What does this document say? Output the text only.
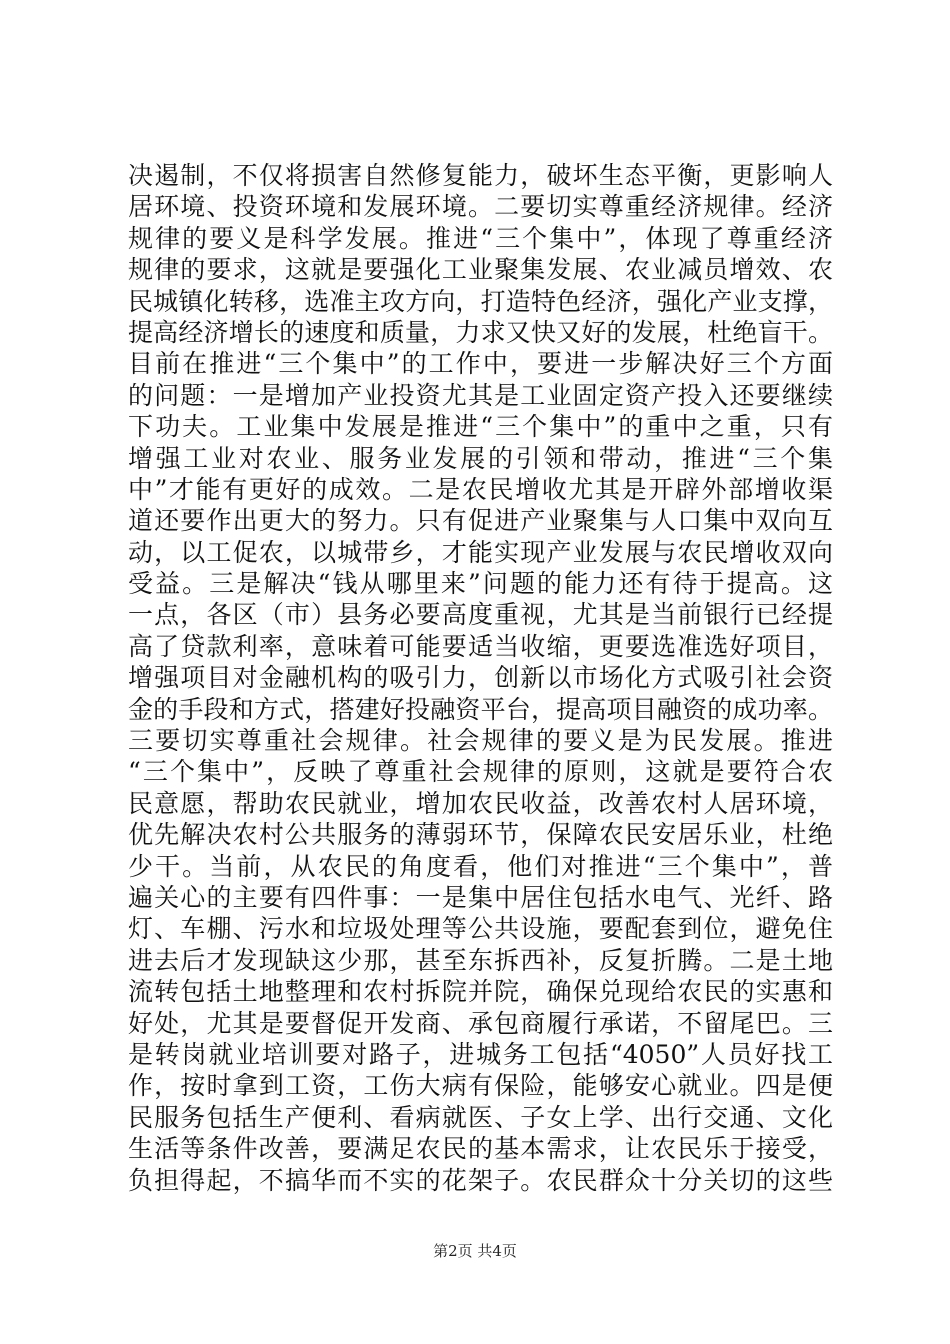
决遏制，不仅将损害自然修复能力，破坏生态平衡，更影响人
居环境、投资环境和发展环境。二要切实尊重经济规律。经济
规律的要义是科学发展。推进“三个集中”，体现了尊重经济
规律的要求，这就是要强化工业聚集发展、农业减员增效、农
民城镇化转移，选准主攻方向，打造特色经济，强化产业支撑，
提高经济增长的速度和质量，力求又快又好的发展，杜绝盲干。
目前在推进“三个集中”的工作中，要进一步解决好三个方面
的问题：一是增加产业投资尤其是工业固定资产投入还要继续
下功夫。工业集中发展是推进“三个集中”的重中之重，只有
增强工业对农业、服务业发展的引领和带动，推进“三个集
中”才能有更好的成效。二是农民增收尤其是开辟外部增收渠
道还要作出更大的努力。只有促进产业聚集与人口集中双向互
动，以工促农，以城带乡，才能实现产业发展与农民增收双向
受益。三是解决“钱从哪里来”问题的能力还有待于提高。这
一点，各区（市）县务必要高度重视，尤其是当前银行已经提
高了贷款利率，意味着可能要适当收缩，更要选准选好项目，
增强项目对金融机构的吸引力，创新以市场化方式吸引社会资
金的手段和方式，搭建好投融资平台，提高项目融资的成功率。
三要切实尊重社会规律。社会规律的要义是为民发展。推进
“三个集中”，反映了尊重社会规律的原则，这就是要符合农
民意愿，帮助农民就业，增加农民收益，改善农村人居环境，
优先解决农村公共服务的薄弱环节，保障农民安居乐业，杜绝
少干。当前，从农民的角度看，他们对推进“三个集中”，普
遍关心的主要有四件事：一是集中居住包括水电气、光纤、路
灯、车棚、污水和垃圾处理等公共设施，要配套到位，避免住
进去后才发现缺这少那，甚至东拆西补，反复折腾。二是土地
流转包括土地整理和农村拆院并院，确保兑现给农民的实惠和
好处，尤其是要督促开发商、承包商履行承诺，不留尾巴。三
是转岗就业培训要对路子，进城务工包括“4050”人员好找工
作，按时拿到工资，工伤大病有保险，能够安心就业。四是便
民服务包括生产便利、看病就医、子女上学、出行交通、文化
生活等条件改善，要满足农民的基本需求，让农民乐于接受，
负担得起，不搞华而不实的花架子。农民群众十分关切的这些
第2页 共4页
